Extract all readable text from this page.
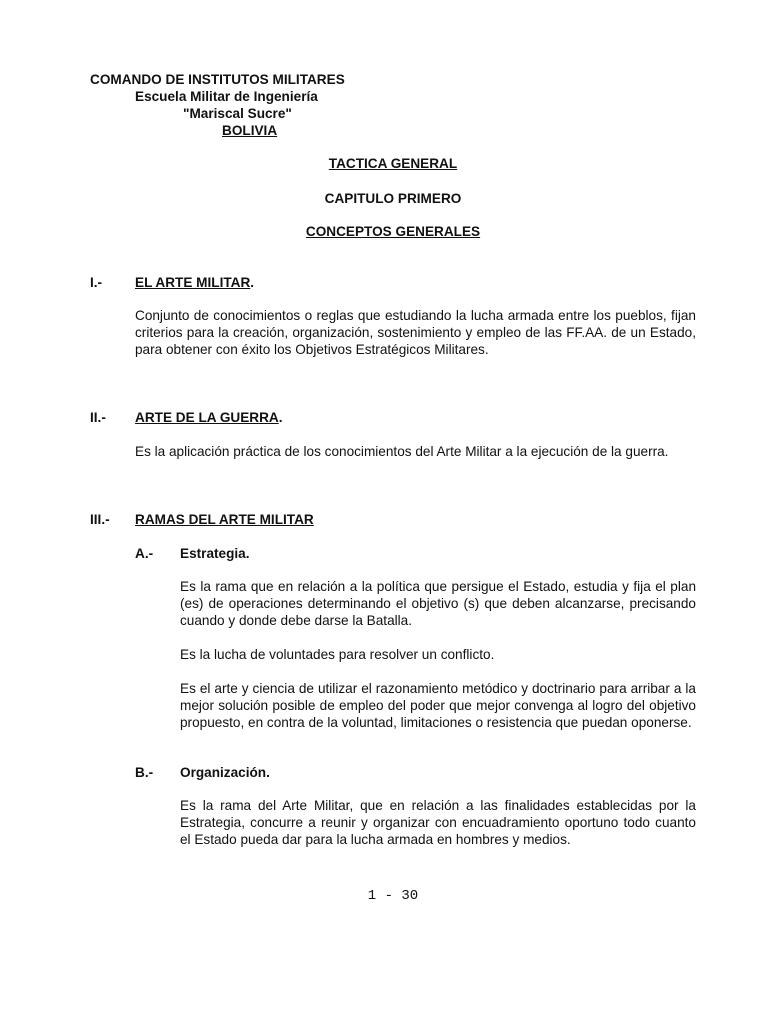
COMANDO DE INSTITUTOS MILITARES
Escuela Militar de Ingeniería
"Mariscal Sucre"
BOLIVIA
TACTICA GENERAL
CAPITULO PRIMERO
CONCEPTOS GENERALES
I.- EL ARTE MILITAR.
Conjunto de conocimientos o reglas que estudiando la lucha armada entre los pueblos, fijan criterios para la creación, organización, sostenimiento y empleo de las FF.AA. de un Estado, para obtener con éxito los Objetivos Estratégicos Militares.
II.- ARTE DE LA GUERRA.
Es la aplicación práctica de los conocimientos del Arte Militar a la ejecución de la guerra.
III.- RAMAS DEL ARTE MILITAR
A.- Estrategia.
Es la rama que en relación a la política que persigue el Estado, estudia y fija el plan (es) de operaciones determinando el objetivo (s) que deben alcanzarse, precisando cuando y donde debe darse la Batalla.
Es la lucha de voluntades para resolver un conflicto.
Es el arte y ciencia de utilizar el razonamiento metódico y doctrinario para arribar a la mejor solución posible de empleo del poder que mejor convenga al logro del objetivo propuesto, en contra de la voluntad, limitaciones o resistencia que puedan oponerse.
B.- Organización.
Es la rama del Arte Militar, que en relación a las finalidades establecidas por la Estrategia, concurre a reunir y organizar con encuadramiento oportuno todo cuanto el Estado pueda dar para la lucha armada en hombres y medios.
1 - 30
